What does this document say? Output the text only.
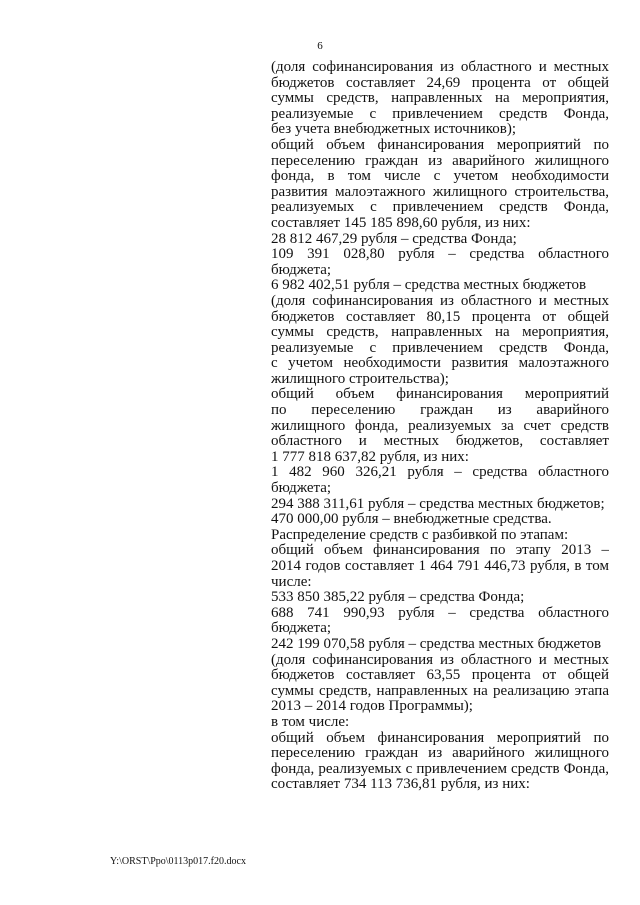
6
(доля софинансирования из областного и местных
бюджетов составляет 24,69 процента от общей
суммы средств, направленных на мероприятия,
реализуемые с привлечением средств Фонда,
без учета внебюджетных источников);
общий объем финансирования мероприятий по
переселению граждан из аварийного жилищного
фонда, в том числе с учетом необходимости
развития малоэтажного жилищного строительства,
реализуемых с привлечением средств Фонда,
составляет 145 185 898,60 рубля, из них:
28 812 467,29 рубля – средства Фонда;
109 391 028,80 рубля – средства областного
бюджета;
6 982 402,51 рубля – средства местных бюджетов
(доля софинансирования из областного и местных
бюджетов составляет 80,15 процента от общей
суммы средств, направленных на мероприятия,
реализуемые с привлечением средств Фонда,
с учетом необходимости развития малоэтажного
жилищного строительства);
общий объем финансирования мероприятий
по переселению граждан из аварийного
жилищного фонда, реализуемых за счет средств
областного и местных бюджетов, составляет
1 777 818 637,82 рубля, из них:
1 482 960 326,21 рубля – средства областного
бюджета;
294 388 311,61 рубля – средства местных бюджетов;
470 000,00 рубля – внебюджетные средства.
Распределение средств с разбивкой по этапам:
общий объем финансирования по этапу 2013 –
2014 годов составляет 1 464 791 446,73 рубля, в том
числе:
533 850 385,22 рубля – средства Фонда;
688 741 990,93 рубля – средства областного
бюджета;
242 199 070,58 рубля – средства местных бюджетов
(доля софинансирования из областного и местных
бюджетов составляет 63,55 процента от общей
суммы средств, направленных на реализацию этапа
2013 – 2014 годов Программы);
в том числе:
общий объем финансирования мероприятий по
переселению граждан из аварийного жилищного
фонда, реализуемых с привлечением средств Фонда,
составляет 734 113 736,81 рубля, из них:
Y:\ORST\Ppo\0113p017.f20.docx
